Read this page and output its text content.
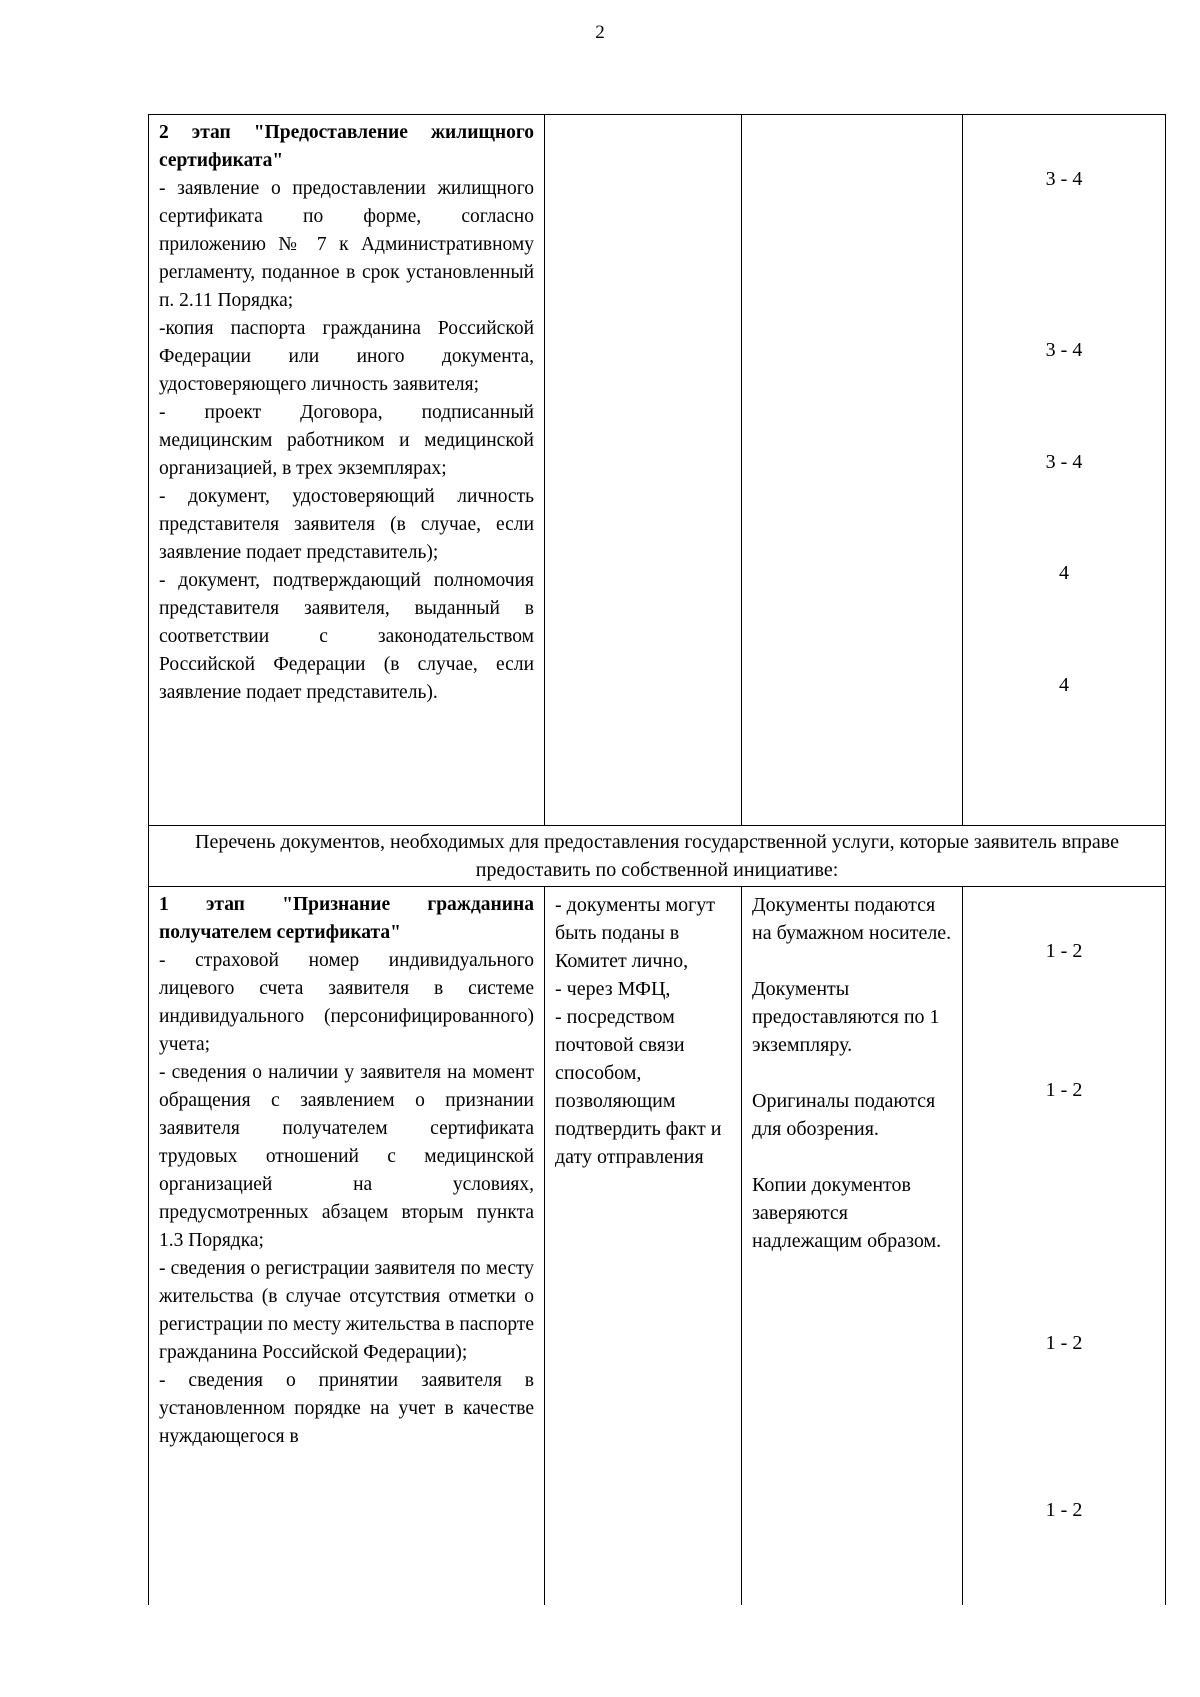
2

2 этап "Предоставление жилищного сертификата"

- заявление о предоставлении жилищного сертификата по форме, согласно приложению № 7 к Административному регламенту, поданное в срок установленный п. 2.11 Порядка;

-копия паспорта гражданина Российской Федерации или иного документа, удостоверяющего личность заявителя;

- проект Договора, подписанный медицинским работником и медицинской организацией, в трех экземплярах;

- документ, удостоверяющий личность представителя заявителя (в случае, если заявление подает представитель);

- документ, подтверждающий полномочия представителя заявителя, выданный в соответствии с законодательством Российской Федерации (в случае, если заявление подает представитель).

3 - 4
3 - 4
3 - 4
4
4
Перечень документов, необходимых для предоставления государственной услуги, которые заявитель вправе предоставить по собственной инициативе:

1 этап "Признание гражданина получателем сертификата"

- страховой номер индивидуального лицевого счета заявителя в системе индивидуального (персонифицированного) учета;

- сведения о наличии у заявителя на момент обращения с заявлением о признании заявителя получателем сертификата трудовых отношений с медицинской организацией на условиях, предусмотренных абзацем вторым пункта 1.3 Порядка;

- сведения о регистрации заявителя по месту жительства (в случае отсутствия отметки о регистрации по месту жительства в паспорте гражданина Российской Федерации);

- сведения о принятии заявителя в установленном порядке на учет в качестве нуждающегося в

- документы могут быть поданы в Комитет лично,

- через МФЦ,

- посредством почтовой связи способом, позволяющим подтвердить факт и дату отправления

Документы подаются на бумажном носителе.

Документы предоставляются по 1 экземпляру.

Оригиналы подаются для обозрения.

Копии документов заверяются надлежащим образом.

1 - 2
1 - 2
1 - 2
1 - 2
